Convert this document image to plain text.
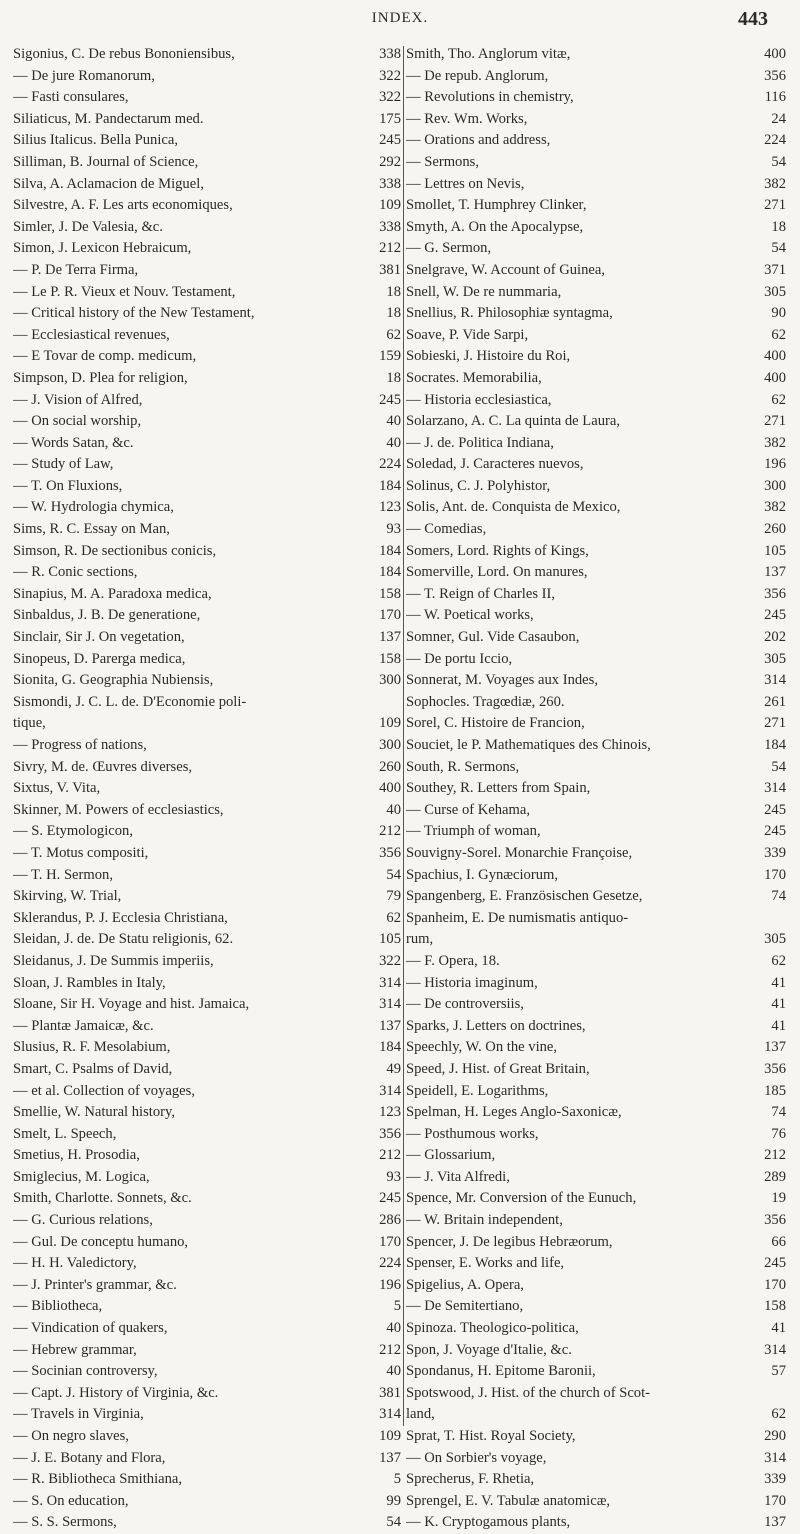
INDEX.	443
Sigonius, C. De rebus Bononiensibus,	338
— De jure Romanorum,	322
— Fasti consulares,	322
Siliaticus, M. Pandectarum med.	175
Silius Italicus. Bella Punica,	245
Silliman, B. Journal of Science,	292
Silva, A. Aclamacion de Miguel,	338
Silvestre, A. F. Les arts economiques,	109
Simler, J. De Valesia, &c.	338
Simon, J. Lexicon Hebraicum,	212
— P. De Terra Firma,	381
— Le P. R. Vieux et Nouv. Testament,	18
— Critical history of the New Testament,	18
— Ecclesiastical revenues,	62
— E Tovar de comp. medicum,	159
Simpson, D. Plea for religion,	18
— J. Vision of Alfred,	245
— On social worship,	40
— Words Satan, &c.	40
— Study of Law,	224
— T. On Fluxions,	184
— W. Hydrologia chymica,	123
Sims, R. C. Essay on Man,	93
Simson, R. De sectionibus conicis,	184
— R. Conic sections,	184
Sinapius, M. A. Paradoxa medica,	158
Sinbaldus, J. B. De generatione,	170
Sinclair, Sir J. On vegetation,	137
Sinopeus, D. Parerga medica,	158
Sionita, G. Geographia Nubiensis,	300
Sismondi, J. C. L. de. D'Economie poli-
tique,	109
— Progress of nations,	300
Sivry, M. de. Œuvres diverses,	260
Sixtus, V. Vita,	400
Skinner, M. Powers of ecclesiastics,	40
— S. Etymologicon,	212
— T. Motus compositi,	356
— T. H. Sermon,	54
Skirving, W. Trial,	79
Sklerandus, P. J. Ecclesia Christiana,	62
Sleidan, J. de. De Statu religionis, 62.	105
Sleidanus, J. De Summis imperiis,	322
Sloan, J. Rambles in Italy,	314
Sloane, Sir H. Voyage and hist. Jamaica,	314
— Plantæ Jamaicæ, &c.	137
Slusius, R. F. Mesolabium,	184
Smart, C. Psalms of David,	49
— et al. Collection of voyages,	314
Smellie, W. Natural history,	123
Smelt, L. Speech,	356
Smetius, H. Prosodia,	212
Smiglecius, M. Logica,	93
Smith, Charlotte. Sonnets, &c.	245
— G. Curious relations,	286
— Gul. De conceptu humano,	170
— H. H. Valedictory,	224
— J. Printer's grammar, &c.	196
— Bibliotheca,	5
— Vindication of quakers,	40
— Hebrew grammar,	212
— Socinian controversy,	40
— Capt. J. History of Virginia, &c.	381
— Travels in Virginia,	314
— On negro slaves,	109
— J. E. Botany and Flora,	137
— R. Bibliotheca Smithiana,	5
— S. On education,	99
— S. S. Sermons,	54
Smith, Tho. Anglorum vitæ,	400
— De repub. Anglorum,	356
— Revolutions in chemistry,	116
— Rev. Wm. Works,	24
— Orations and address,	224
— Sermons,	54
— Lettres on Nevis,	382
Smollet, T. Humphrey Clinker,	271
Smyth, A. On the Apocalypse,	18
— G. Sermon,	54
Snelgrave, W. Account of Guinea,	371
Snell, W. De re nummaria,	305
Snellius, R. Philosophiæ syntagma,	90
Soave, P. Vide Sarpi,	62
Sobieski, J. Histoire du Roi,	400
Socrates. Memorabilia,	400
— Historia ecclesiastica,	62
Solarzano, A. C. La quinta de Laura,	271
— J. de. Politica Indiana,	382
Soledad, J. Caracteres nuevos,	196
Solinus, C. J. Polyhistor,	300
Solis, Ant. de. Conquista de Mexico,	382
— Comedias,	260
Somers, Lord. Rights of Kings,	105
Somerville, Lord. On manures,	137
— T. Reign of Charles II,	356
— W. Poetical works,	245
Somner, Gul. Vide Casaubon,	202
— De portu Iccio,	305
Sonnerat, M. Voyages aux Indes,	314
Sophocles. Tragœdiæ, 260.	261
Sorel, C. Histoire de Francion,	271
Souciet, le P. Mathematiques des Chinois,	184
South, R. Sermons,	54
Southey, R. Letters from Spain,	314
— Curse of Kehama,	245
— Triumph of woman,	245
Souvigny-Sorel. Monarchie Françoise,	339
Spachius, I. Gynæciorum,	170
Spangenberg, E. Französischen Gesetze,	74
Spanheim, E. De numismatis antiquo-
rum,	305
— F. Opera, 18.	62
— Historia imaginum,	41
— De controversiis,	41
Sparks, J. Letters on doctrines,	41
Speechly, W. On the vine,	137
Speed, J. Hist. of Great Britain,	356
Speidell, E. Logarithms,	185
Spelman, H. Leges Anglo-Saxonicæ,	74
— Posthumous works,	76
— Glossarium,	212
— J. Vita Alfredi,	289
Spence, Mr. Conversion of the Eunuch,	19
— W. Britain independent,	356
Spencer, J. De legibus Hebræorum,	66
Spenser, E. Works and life,	245
Spigelius, A. Opera,	170
— De Semitertiano,	158
Spinoza. Theologico-politica,	41
Spon, J. Voyage d'Italie, &c.	314
Spondanus, H. Epitome Baronii,	57
Spotswood, J. Hist. of the church of Scot-
land,	62
Sprat, T. Hist. Royal Society,	290
— On Sorbier's voyage,	314
Sprecherus, F. Rhetia,	339
Sprengel, E. V. Tabulæ anatomicæ,	170
— K. Cryptogamous plants,	137
